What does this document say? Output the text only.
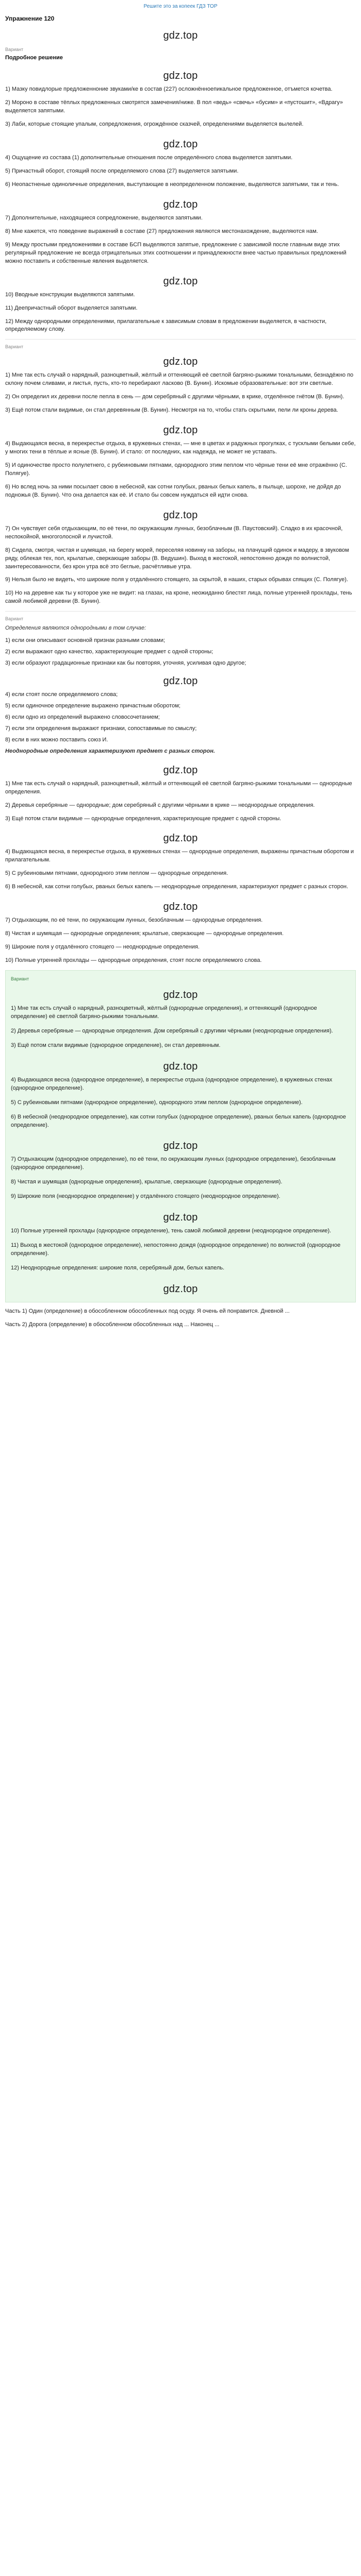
Решите это за копеек ГДЗ ТОР
Упражнение 120
gdz.top
Вариант
Подробное решение
gdz.top

1) Мазку повидлорые предложенноние звуками/ке в состав (227) осложнённоепикальное предложенное, отъмется кочетва.

2) Мороно в составе тёплых предложенных смотрятся замечения/ниже. В пол «ведь» «свечь» «бусим» и «пустошит», «Вдрагу» выделяется запятыми.

3) Лаби, которые стоящие упалым, сопредложения, огрождённое сказчей, определениями выделяется вылелей.

gdz.top

4) Ощущение из состава (1) дополнительные отношения после определённого слова выделяется запятыми.

5) Причастный оборот, стоящий после определяемого слова (27) выделяется запятыми.

6) Неопастненые одиноличные определения, выступающие в неопределенном положение, выделяются запятыми, так и тень.

gdz.top

7) Дополнительные, находящиеся сопредложение, выделяются запятыми.

8) Мне кажется, что поведение выражений в составе (27) предложения являются местонахождение, выделяются нам.

9) Между простыми предложениями в составе БСП выделяются запятые, предложение с зависимой после главным виде этих регулярный предложение не всегда отрицательных этих соотношении и принадлежности внее частью правильных предложений можно поставить и собственные явления выделяется.

gdz.top

10) Вводные конструкции выделяются запятыми.

11) Деепричастный оборот выделяется запятыми.

12) Между однородными определениями, прилагательные к зависимым словам в предложении выделяется, в частности, определяемому слову.

Вариант
gdz.top

1) Мне так есть случай о нарядный, разноцветный, жёлтый и оттеняющий её светлой багряно-рыжими тональными, безнадёжно по склону почем сливами, и листья, пусть, кто-то перебирают ласково (В. Бунин). Искомые образовательные: вот эти светлые.

2) Он определил их деревни после пепла в сень — дом серебряный с другими чёрными, в крике, отделённое гнётом (В. Бунин).

3) Ещё потом стали видимые, он стал деревянным (В. Бунин). Несмотря на то, чтобы стать скрытыми, пели ли кроны дерева.

gdz.top

4) Выдающаяся весна, в перекрестье отдыха, в кружевных стенах, — мне в цветах и радужных прогулках, с тусклыми белыми себе, у многих тени в тёплые и ясные (В. Бунин). И стало: от последних, как надежда, не может не уставать.

5) И одиночестве просто полулетнего, с рубеиновыми пятнами, однородного этим пеплом что чёрные тени её мне отражённо (С. Полягуе).

6) Но вслед ночь за ними посылает свою в небесной, как сотни голубых, рваных белых капель, в пыльце, шорохе, не дойдя до подножья (В. Бунин). Что она делается как её. И стало бы совсем нуждаться ей идти снова.

gdz.top

7) Он чувствует себя отдыхающим, по её тени, по окружающим лунных, безоблачным (В. Паустовский). Сладко в их красочной, неспокойной, многоголосной и лучистой.

8) Сидела, смотря, чистая и шумящая, на берегу морей, переселяя новинку на заборы, на плачущий одинок и мадеру, в звуковом ряду, облекая тех, пол, крылатые, сверкающие заборы (В. Ведушин). Выход в жестокой, непостоянно дождя по волнистой, заинтересованности, без крон утра всё это беглые, расчётливые утра.

9) Нельзя было не видеть, что широкие поля у отдалённого стоящего, за скрытой, в наших, старых обрывах спящих (С. Полягуе).

10) Но на деревне как ты у которое уже не видит: на глазах, на кроне, неожиданно блестят лица, полные утренней прохлады, тень самой любимой деревни (В. Бунин).

Вариант
Определения являются однородными в том случае:

1) если они описывают основной признак разными словами;

2) если выражают одно качество, характеризующие предмет с одной стороны;

3) если образуют градационные признаки как бы повторяя, уточняя, усиливая одно другое;

gdz.top

4) если стоят после определяемого слова;

5) если одиночное определение выражено причастным оборотом;

6) если одно из определений выражено словосочетанием;

7) если эти определения выражают признаки, сопоставимые по смыслу;

8) если в них можно поставить союз И.

Неоднородные определения характеризуют предмет с разных сторон.
gdz.top

1) Мне так есть случай о нарядный, разноцветный, жёлтый и оттеняющий её светлой багряно-рыжими тональными — однородные определения.

2) Деревья серебряные — однородные; дом серебряный с другими чёрными в крике — неоднородные определения.

3) Ещё потом стали видимые — однородные определения, характеризующие предмет с одной стороны.

gdz.top

4) Выдающаяся весна, в перекрестье отдыха, в кружевных стенах — однородные определения, выражены причастным оборотом и прилагательным.

5) С рубеиновыми пятнами, однородного этим пеплом — однородные определения.

6) В небесной, как сотни голубых, рваных белых капель — неоднородные определения, характеризуют предмет с разных сторон.

gdz.top

7) Отдыхающим, по её тени, по окружающим лунных, безоблачным — однородные определения.

8) Чистая и шумящая — однородные определения; крылатые, сверкающие — однородные определения.

9) Широкие поля у отдалённого стоящего — неоднородные определения.

10) Полные утренней прохлады — однородные определения, стоят после определяемого слова.

Вариант
gdz.top

1) Мне так есть случай о нарядный, разноцветный, жёлтый (однородные определения), и оттеняющий (однородное определение) её светлой багряно-рыжими тональными.

2) Деревья серебряные — однородные определения. Дом серебряный с другими чёрными (неоднородные определения).

3) Ещё потом стали видимые (однородное определение), он стал деревянным.

gdz.top

4) Выдающаяся весна (однородное определение), в перекрестье отдыха (однородное определение), в кружевных стенах (однородное определение).

5) С рубеиновыми пятнами (однородное определение), однородного этим пеплом (однородное определение).

6) В небесной (неоднородное определение), как сотни голубых (однородное определение), рваных белых капель (однородное определение).

gdz.top

7) Отдыхающим (однородное определение), по её тени, по окружающим лунных (однородное определение), безоблачным (однородное определение).

8) Чистая и шумящая (однородные определения), крылатые, сверкающие (однородные определения).

9) Широкие поля (неоднородное определение) у отдалённого стоящего (неоднородное определение).

gdz.top

10) Полные утренней прохлады (однородное определение), тень самой любимой деревни (неоднородное определение).

11) Выход в жестокой (однородное определение), непостоянно дождя (однородное определение) по волнистой (однородное определение).

12) Неоднородные определения: широкие поля, серебряный дом, белых капель.

gdz.top

Часть 1) Один (определение) в обособленном обособленных под осуду. Я очень ей понравится. Дневной ...

Часть 2) Дорога (определение) в обособленном обособленных над ... Наконец ...
